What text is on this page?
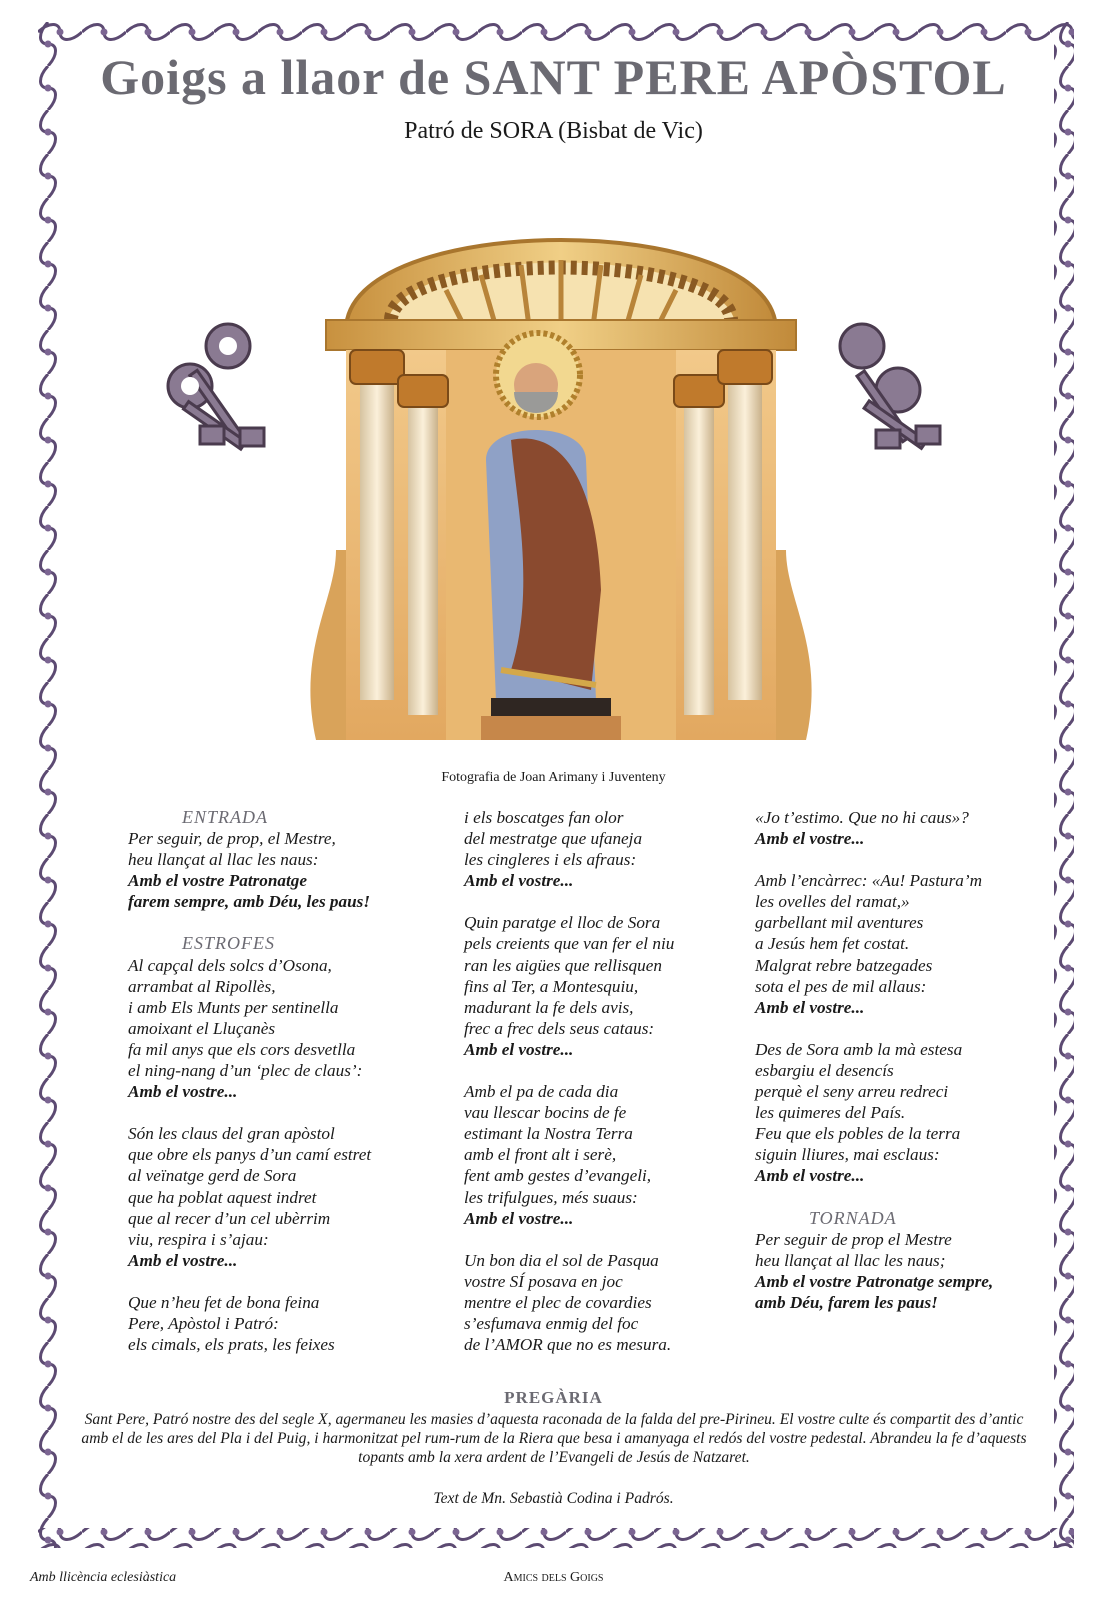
Goigs a llaor de SANT PERE APÒSTOL
Patró de SORA (Bisbat de Vic)
Fotografia de Joan Arimany i Juventeny

ENTRADA

Per seguir, de prop, el Mestre,

heu llançat al llac les naus:

Amb el vostre Patronatge

farem sempre, amb Déu, les paus!

ESTROFES

Al capçal dels solcs d’Osona,

arrambat al Ripollès,

i amb Els Munts per sentinella

amoixant el Lluçanès

fa mil anys que els cors desvetlla

el ning-nang d’un ‘plec de claus’:

Amb el vostre...

Són les claus del gran apòstol

que obre els panys d’un camí estret

al veïnatge gerd de Sora

que ha poblat aquest indret

que al recer d’un cel ubèrrim

viu, respira i s’ajau:

Amb el vostre...

Que n’heu fet de bona feina

Pere, Apòstol i Patró:

els cimals, els prats, les feixes

i els boscatges fan olor

del mestratge que ufaneja

les cingleres i els afraus:

Amb el vostre...

Quin paratge el lloc de Sora

pels creients que van fer el niu

ran les aigües que rellisquen

fins al Ter, a Montesquiu,

madurant la fe dels avis,

frec a frec dels seus cataus:

Amb el vostre...

Amb el pa de cada dia

vau llescar bocins de fe

estimant la Nostra Terra

amb el front alt i serè,

fent amb gestes d’evangeli,

les trifulgues, més suaus:

Amb el vostre...

Un bon dia el sol de Pasqua

vostre SÍ posava en joc

mentre el plec de covardies

s’esfumava enmig del foc

de l’AMOR que no es mesura.

«Jo t’estimo. Que no hi caus»?

Amb el vostre...

Amb l’encàrrec: «Au! Pastura’m

les ovelles del ramat,»

garbellant mil aventures

a Jesús hem fet costat.

Malgrat rebre batzegades

sota el pes de mil allaus:

Amb el vostre...

Des de Sora amb la mà estesa

esbargiu el desencís

perquè el seny arreu redreci

les quimeres del País.

Feu que els pobles de la terra

siguin lliures, mai esclaus:

Amb el vostre...

TORNADA

Per seguir de prop el Mestre

heu llançat al llac les naus;

Amb el vostre Patronatge sempre,

amb Déu, farem les paus!

PREGÀRIA
Sant Pere, Patró nostre des del segle X, agermaneu les masies d’aquesta raconada de la falda del pre-Pirineu. El vostre culte és compartit des d’antic amb el de les ares del Pla i del Puig, i harmonitzat pel rum-rum de la Riera que besa i amanyaga el redós del vostre pedestal. Abrandeu la fe d’aquests topants amb la xera ardent de l’Evangeli de Jesús de Natzaret.
Text de Mn. Sebastià Codina i Padrós.
Amb llicència eclesiàstica	Amics dels Goigs
